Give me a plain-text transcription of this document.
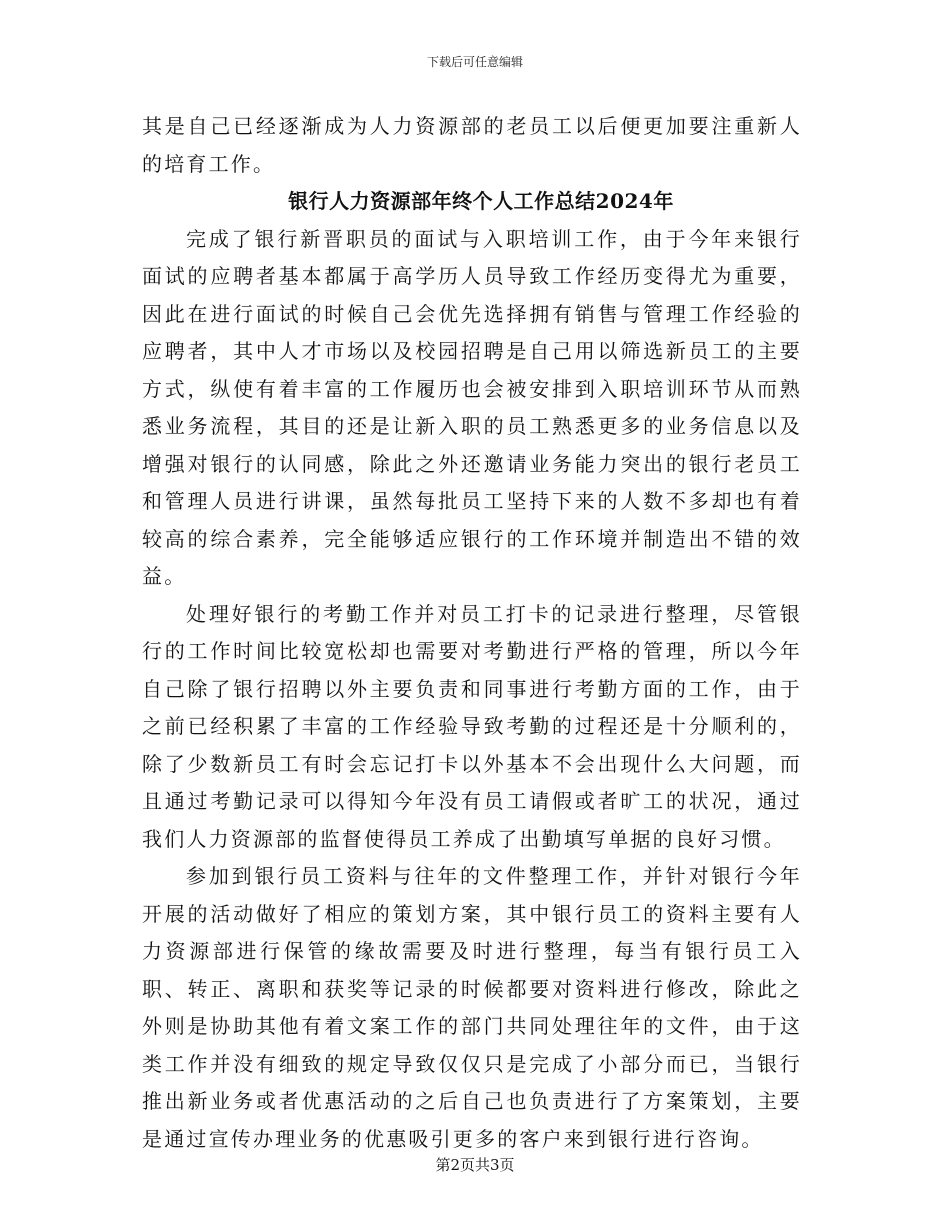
下载后可任意编辑

其是自己已经逐渐成为人力资源部的老员工以后便更加要注重新人的培育工作。

银行人力资源部年终个人工作总结2024年

完成了银行新晋职员的面试与入职培训工作，由于今年来银行面试的应聘者基本都属于高学历人员导致工作经历变得尤为重要，因此在进行面试的时候自己会优先选择拥有销售与管理工作经验的应聘者，其中人才市场以及校园招聘是自己用以筛选新员工的主要方式，纵使有着丰富的工作履历也会被安排到入职培训环节从而熟悉业务流程，其目的还是让新入职的员工熟悉更多的业务信息以及增强对银行的认同感，除此之外还邀请业务能力突出的银行老员工和管理人员进行讲课，虽然每批员工坚持下来的人数不多却也有着较高的综合素养，完全能够适应银行的工作环境并制造出不错的效益。

处理好银行的考勤工作并对员工打卡的记录进行整理，尽管银行的工作时间比较宽松却也需要对考勤进行严格的管理，所以今年自己除了银行招聘以外主要负责和同事进行考勤方面的工作，由于之前已经积累了丰富的工作经验导致考勤的过程还是十分顺利的，除了少数新员工有时会忘记打卡以外基本不会出现什么大问题，而且通过考勤记录可以得知今年没有员工请假或者旷工的状况，通过我们人力资源部的监督使得员工养成了出勤填写单据的良好习惯。

参加到银行员工资料与往年的文件整理工作，并针对银行今年开展的活动做好了相应的策划方案，其中银行员工的资料主要有人力资源部进行保管的缘故需要及时进行整理，每当有银行员工入职、转正、离职和获奖等记录的时候都要对资料进行修改，除此之外则是协助其他有着文案工作的部门共同处理往年的文件，由于这类工作并没有细致的规定导致仅仅只是完成了小部分而已，当银行推出新业务或者优惠活动的之后自己也负责进行了方案策划，主要是通过宣传办理业务的优惠吸引更多的客户来到银行进行咨询。

第2页共3页
